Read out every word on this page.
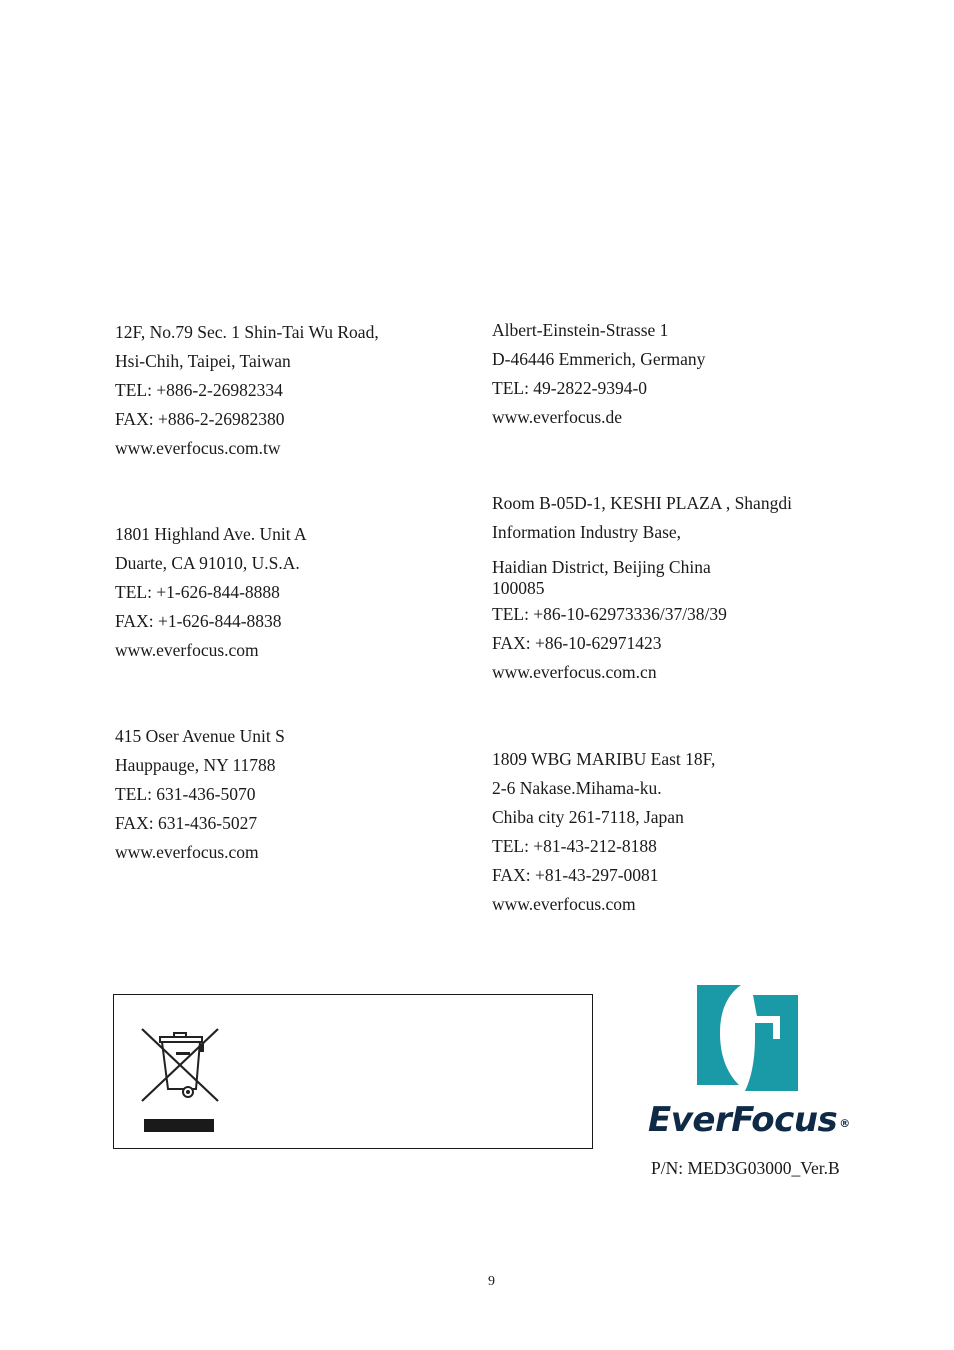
12F, No.79 Sec. 1 Shin-Tai Wu Road,
Hsi-Chih, Taipei, Taiwan
TEL: +886-2-26982334
FAX: +886-2-26982380
www.everfocus.com.tw
Albert-Einstein-Strasse 1
D-46446 Emmerich, Germany
TEL: 49-2822-9394-0
www.everfocus.de
1801 Highland Ave. Unit A
Duarte, CA 91010, U.S.A.
TEL: +1-626-844-8888
FAX: +1-626-844-8838
www.everfocus.com
Room B-05D-1, KESHI PLAZA , Shangdi
Information Industry Base,
Haidian District, Beijing China
100085
TEL: +86-10-62973336/37/38/39
FAX: +86-10-62971423
www.everfocus.com.cn
415 Oser Avenue Unit S
Hauppauge, NY 11788
TEL: 631-436-5070
FAX: 631-436-5027
www.everfocus.com
1809 WBG MARIBU East 18F,
2-6 Nakase.Mihama-ku.
Chiba city 261-7118, Japan
TEL: +81-43-212-8188
FAX: +81-43-297-0081
www.everfocus.com
EverFocus ®
P/N: MED3G03000_Ver.B
9
